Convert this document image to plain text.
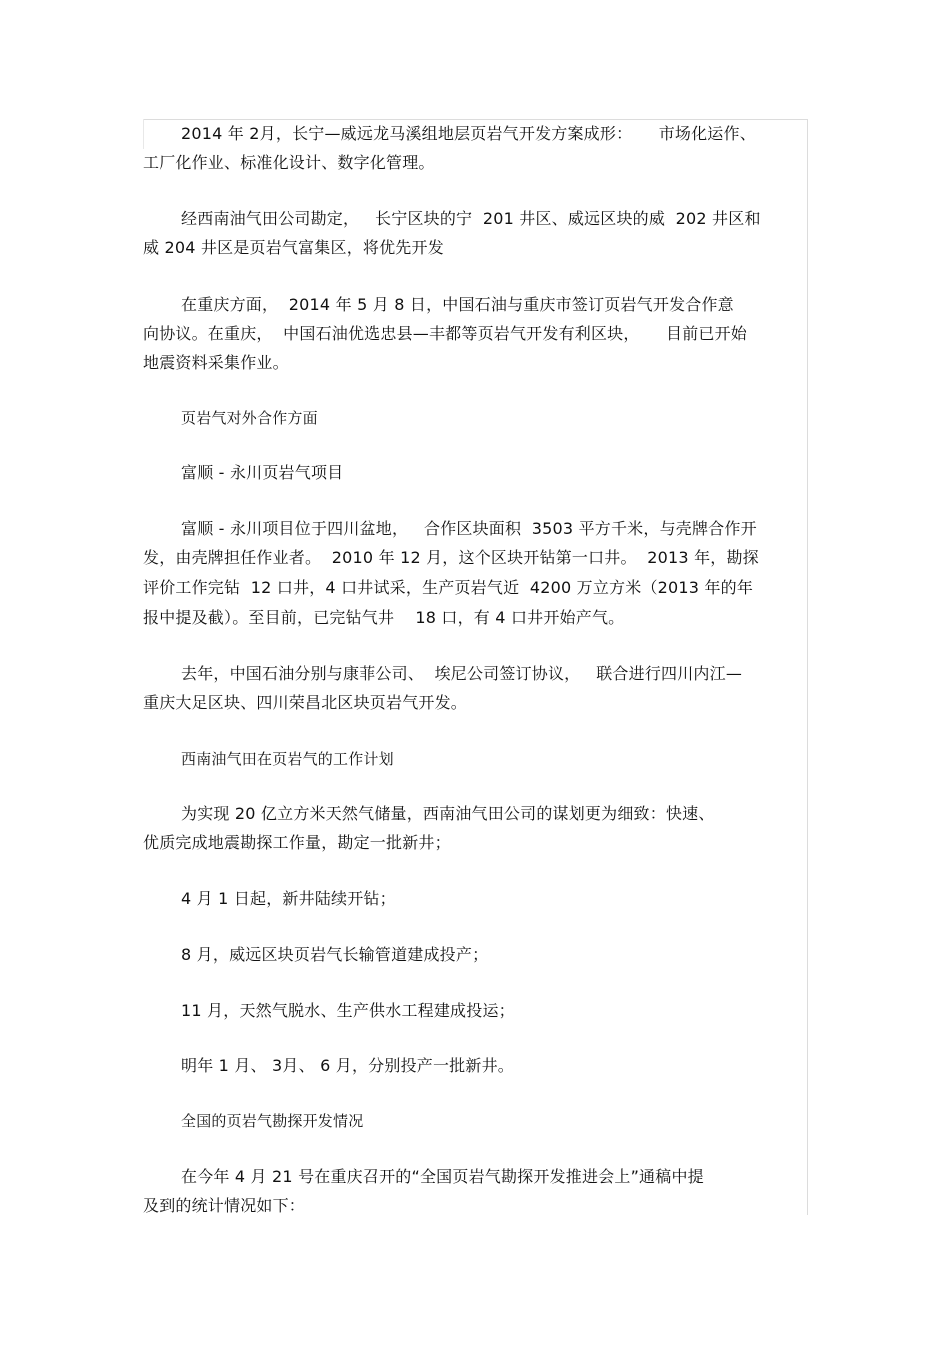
2014 年 2月，长宁—威远龙马溪组地层页岩气开发方案成形：     市场化运作、
工厂化作业、标准化设计、数字化管理。
经西南油气田公司勘定，   长宁区块的宁  201 井区、威远区块的威  202 井区和
威 204 井区是页岩气富集区，将优先开发
在重庆方面，  2014 年 5 月 8 日，中国石油与重庆市签订页岩气开发合作意
向协议。在重庆，  中国石油优选忠县—丰都等页岩气开发有利区块，     目前已开始
地震资料采集作业。
页岩气对外合作方面
富顺 - 永川页岩气项目
富顺 - 永川项目位于四川盆地，   合作区块面积  3503 平方千米，与壳牌合作开
发，由壳牌担任作业者。  2010 年 12 月，这个区块开钻第一口井。  2013 年，勘探
评价工作完钻  12 口井，4 口井试采，生产页岩气近  4200 万立方米（2013 年的年
报中提及截）。至目前，已完钻气井    18 口，有 4 口井开始产气。
去年，中国石油分别与康菲公司、  埃尼公司签订协议，   联合进行四川内江—
重庆大足区块、四川荣昌北区块页岩气开发。
西南油气田在页岩气的工作计划
为实现 20 亿立方米天然气储量，西南油气田公司的谋划更为细致：快速、
优质完成地震勘探工作量，勘定一批新井；
4 月 1 日起，新井陆续开钻；
8 月，威远区块页岩气长输管道建成投产；
11 月，天然气脱水、生产供水工程建成投运；
明年 1 月、 3月、 6 月，分别投产一批新井。
全国的页岩气勘探开发情况
在今年 4 月 21 号在重庆召开的“全国页岩气勘探开发推进会上”通稿中提
及到的统计情况如下：
